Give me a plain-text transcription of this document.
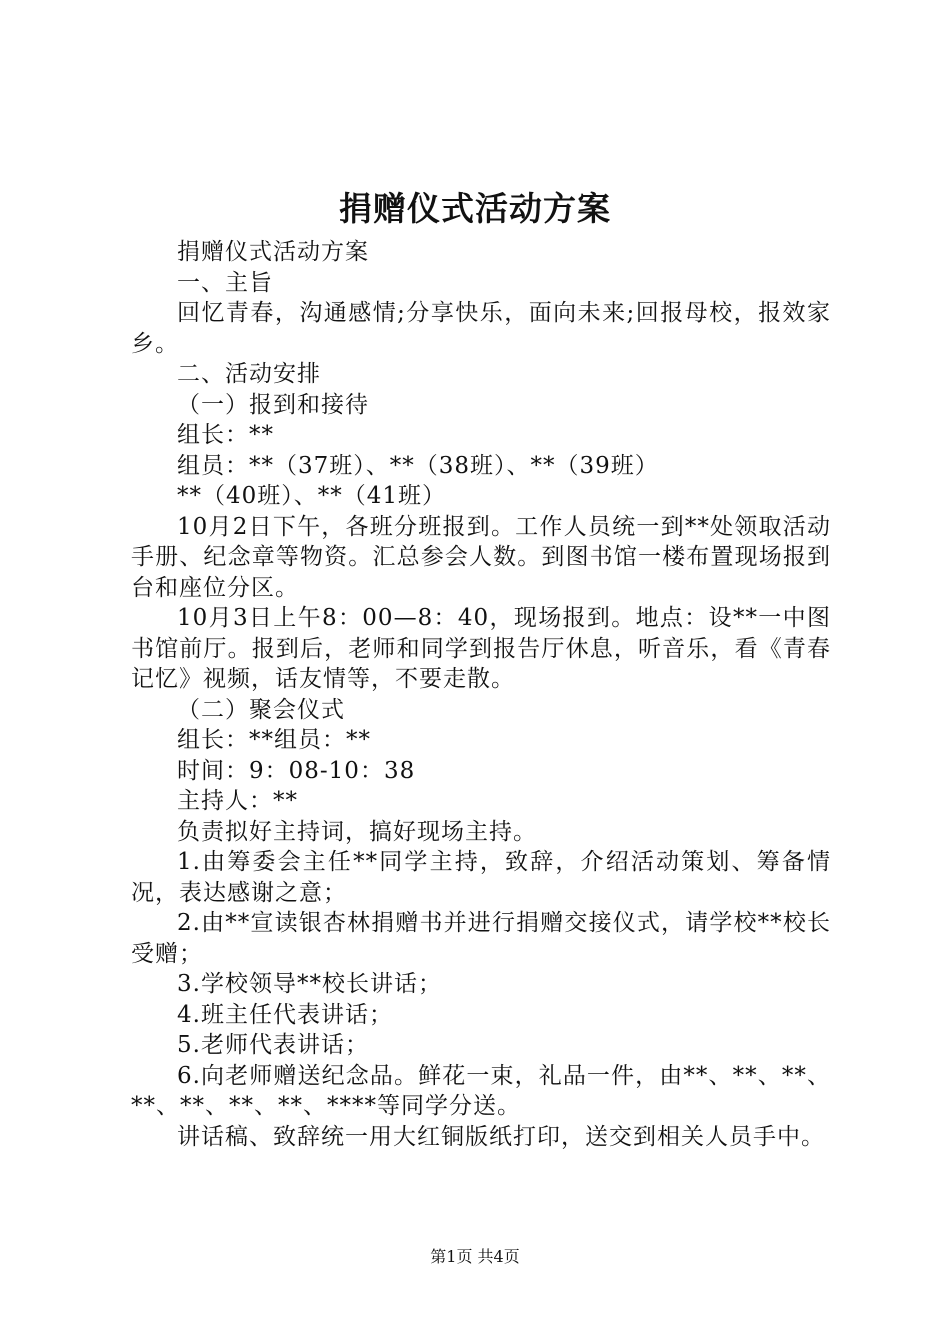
捐赠仪式活动方案

捐赠仪式活动方案

一、主旨

回忆青春，沟通感情;分享快乐，面向未来;回报母校，报效家乡。

二、活动安排

（一）报到和接待

组长：**

组员：**（37班）、**（38班）、**（39班）

**（40班）、**（41班）

10月2日下午，各班分班报到。工作人员统一到**处领取活动手册、纪念章等物资。汇总参会人数。到图书馆一楼布置现场报到台和座位分区。

10月3日上午8：00—8：40，现场报到。地点：设**一中图书馆前厅。报到后，老师和同学到报告厅休息，听音乐，看《青春记忆》视频，话友情等，不要走散。

（二）聚会仪式

组长：**组员：**

时间：9：08-10：38

主持人：**

负责拟好主持词，搞好现场主持。

1.由筹委会主任**同学主持，致辞，介绍活动策划、筹备情况，表达感谢之意；

2.由**宣读银杏林捐赠书并进行捐赠交接仪式，请学校**校长受赠；

3.学校领导**校长讲话；

4.班主任代表讲话；

5.老师代表讲话；

6.向老师赠送纪念品。鲜花一束，礼品一件，由**、**、**、**、**、**、**、****等同学分送。

讲话稿、致辞统一用大红铜版纸打印，送交到相关人员手中。

第1页 共4页
